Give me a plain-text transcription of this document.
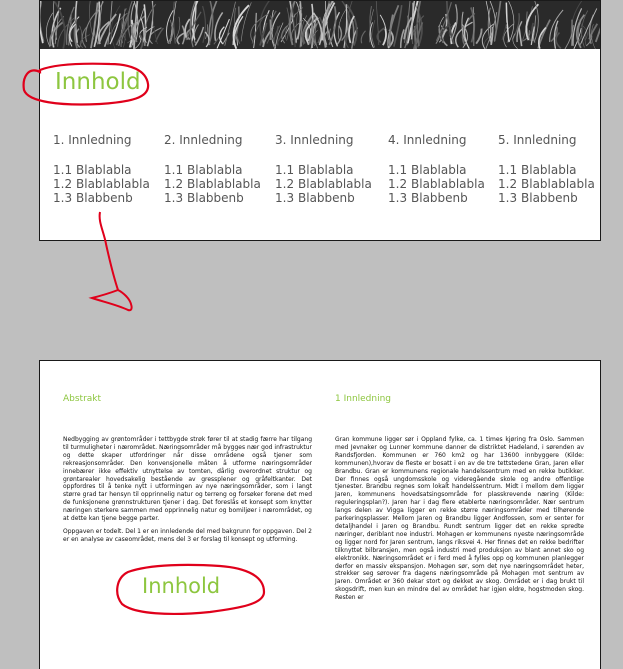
Innhold
1. Innledning
1.1 Blablabla
1.2 Blablablabla
1.3 Blabbenb
2. Innledning
1.1 Blablabla
1.2 Blablablabla
1.3 Blabbenb
3. Innledning
1.1 Blablabla
1.2 Blablablabla
1.3 Blabbenb
4. Innledning
1.1 Blablabla
1.2 Blablablabla
1.3 Blabbenb
5. Innledning
1.1 Blablabla
1.2 Blablablabla
1.3 Blabbenb
Abstrakt

Nedbygging av grøntområder i tettbygde strøk fører til at stadig færre har tilgang til turmuligheter i nærområdet. Næringsområder må bygges nær god infrastruktur og dette skaper utfordringer når disse områdene også tjener som rekreasjonsområder. Den konvensjonelle måten å utforme næringsområder innebærer ikke effektiv utnyttelse av tomten, dårlig overordnet struktur og grøntarealer hovedsakelig bestående av gressplener og gråfeltkanter. Det oppfordres til å tenke nytt i utformingen av nye næringsområder, som i langt større grad tar hensyn til opprinnelig natur og terreng og forsøker forene det med de funksjonene grønnstrukturen tjener i dag. Det foreslås et konsept som knytter næringen sterkere sammen med opprinnelig natur og bomiljøer i nærområdet, og at dette kan tjene begge parter.

Oppgaven er todelt. Del 1 er en innledende del med bakgrunn for oppgaven. Del 2 er en analyse av caseområdet, mens del 3 er forslag til konsept og utforming.

Innhold
1 Innledning

Gran kommune ligger sør i Oppland fylke, ca. 1 times kjøring fra Oslo. Sammen med Jevnaker og Lunner kommune danner de distriktet Hadeland, i sørenden av Randsfjorden. Kommunen er 760 km2 og har 13600 innbyggere (Kilde: kommunen),hvorav de fleste er bosatt i en av de tre tettstedene Gran, Jaren eller Brandbu. Gran er kommunens regionale handelssentrum med en rekke butikker. Der finnes også ungdomsskole og videregående skole og andre offentlige tjenester. Brandbu regnes som lokalt handelssentrum. Midt i mellom dem ligger Jaren, kommunens hovedsatsingsområde for plasskrevende næring (Kilde: reguleringsplan?). Jaren har i dag flere etablerte næringsområder. Nær sentrum langs delen av Vigga ligger en rekke større næringsområder med tilhørende parkeringsplasser. Mellom Jaren og Brandbu ligger Andfossen, som er senter for detaljhandel i Jaren og Brandbu. Rundt sentrum ligger det en rekke spredte næringer, deriblant noe industri. Mohagen er kommunens nyeste næringsområde og ligger nord for Jaren sentrum, langs riksvei 4. Her finnes det en rekke bedrifter tilknyttet bilbransjen, men også industri med produksjon av blant annet sko og elektronikk. Næringsområdet er i ferd med å fylles opp og kommunen planlegger derfor en massiv ekspansjon. Mohagen sør, som det nye næringsområdet heter, strekker seg sørover fra dagens næringsområde på Mohagen mot sentrum av Jaren. Området er 360 dekar stort og dekket av skog. Området er i dag brukt til skogsdrift, men kun en mindre del av området har igjen eldre, hogstmoden skog. Resten er
